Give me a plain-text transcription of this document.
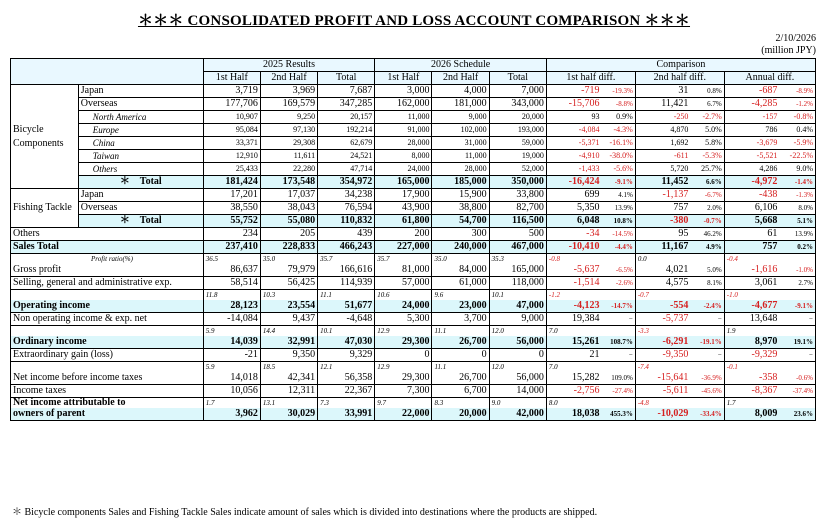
＊＊＊ CONSOLIDATED PROFIT AND LOSS ACCOUNT COMPARISON ＊＊＊
2/10/2026
(million JPY)
		2025 Results			2026 Schedule			Comparison					
		1st Half	2nd Half	Total	1st Half	2nd Half	Total	1st half diff.		2nd half diff.		Annual diff.	
Bicycle Components	Japan	3,719	3,969	7,687	3,000	4,000	7,000	-719	-19.3%	31	0.8%	-687	-8.9%
	Overseas	177,706	169,579	347,285	162,000	181,000	343,000	-15,706	-8.8%	11,421	6.7%	-4,285	-1.2%
	North America	10,907	9,250	20,157	11,000	9,000	20,000	93	0.9%	-250	-2.7%	-157	-0.8%
	Europe	95,084	97,130	192,214	91,000	102,000	193,000	-4,084	-4.3%	4,870	5.0%	786	0.4%
	China	33,371	29,308	62,679	28,000	31,000	59,000	-5,371	-16.1%	1,692	5.8%	-3,679	-5.9%
	Taiwan	12,910	11,611	24,521	8,000	11,000	19,000	-4,910	-38.0%	-611	-5.3%	-5,521	-22.5%
	Others	25,433	22,280	47,714	24,000	28,000	52,000	-1,433	-5.6%	5,720	25.7%	4,286	9.0%
	＊　Total	181,424	173,548	354,972	165,000	185,000	350,000	-16,424	-9.1%	11,452	6.6%	-4,972	-1.4%
Fishing Tackle	Japan	17,201	17,037	34,238	17,900	15,900	33,800	699	4.1%	-1,137	-6.7%	-438	-1.3%
	Overseas	38,550	38,043	76,594	43,900	38,800	82,700	5,350	13.9%	757	2.0%	6,106	8.0%
	＊　Total	55,752	55,080	110,832	61,800	54,700	116,500	6,048	10.8%	-380	-0.7%	5,668	5.1%
Others		234	205	439	200	300	500	-34	-14.5%	95	46.2%	61	13.9%
Sales Total		237,410	228,833	466,243	227,000	240,000	467,000	-10,410	-4.4%	11,167	4.9%	757	0.2%
Profit ratio(%)		36.5	35.0	35.7	35.7	35.0	35.3	-0.8		0.0		-0.4	
Gross profit		86,637	79,979	166,616	81,000	84,000	165,000	-5,637	-6.5%	4,021	5.0%	-1,616	-1.0%
Selling, general and administrative exp.		58,514	56,425	114,939	57,000	61,000	118,000	-1,514	-2.6%	4,575	8.1%	3,061	2.7%
		11.8	10.3	11.1	10.6	9.6	10.1	-1.2		-0.7		-1.0	
Operating income		28,123	23,554	51,677	24,000	23,000	47,000	-4,123	-14.7%	-554	-2.4%	-4,677	-9.1%
Non operating income & exp. net		-14,084	9,437	-4,648	5,300	3,700	9,000	19,384	−	-5,737	−	13,648	−
		5.9	14.4	10.1	12.9	11.1	12.0	7.0		-3.3		1.9	
Ordinary income		14,039	32,991	47,030	29,300	26,700	56,000	15,261	108.7%	-6,291	-19.1%	8,970	19.1%
Extraordinary gain (loss)		-21	9,350	9,329	0	0	0	21	−	-9,350	−	-9,329	−
		5.9	18.5	12.1	12.9	11.1	12.0	7.0		-7.4		-0.1	
Net income before income taxes		14,018	42,341	56,358	29,300	26,700	56,000	15,282	109.0%	-15,641	-36.9%	-358	-0.6%
Income taxes		10,056	12,311	22,367	7,300	6,700	14,000	-2,756	-27.4%	-5,611	-45.6%	-8,367	-37.4%
Net income attributable to		1.7	13.1	7.3	9.7	8.3	9.0	8.0		-4.8		1.7	
owners of parent		3,962	30,029	33,991	22,000	20,000	42,000	18,038	455.3%	-10,029	-33.4%	8,009	23.6%
＊ Bicycle components Sales and Fishing Tackle Sales indicate amount of sales which is divided into destinations where the products are shipped.
